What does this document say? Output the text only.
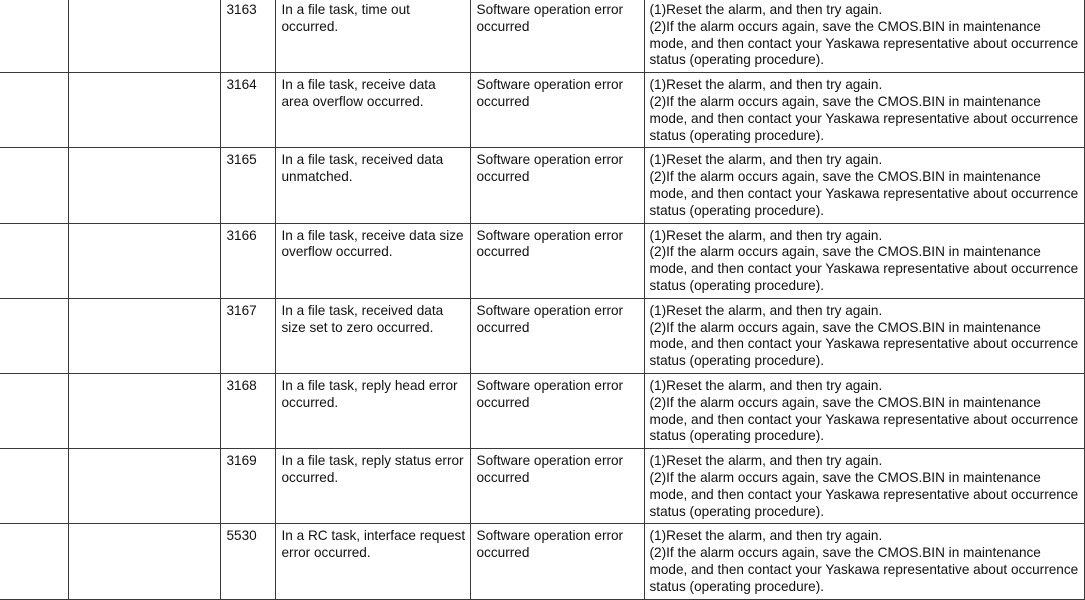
		3163	In a file task, time out occurred.	Software operation error occurred	(1)Reset the alarm, and then try again.
(2)If the alarm occurs again, save the CMOS.BIN in maintenance mode, and then contact your Yaskawa representative about occurrence status (operating procedure).

		3164	In a file task, receive data area overflow occurred.	Software operation error occurred	(1)Reset the alarm, and then try again.
(2)If the alarm occurs again, save the CMOS.BIN in maintenance mode, and then contact your Yaskawa representative about occurrence status (operating procedure).

		3165	In a file task, received data unmatched.	Software operation error occurred	(1)Reset the alarm, and then try again.
(2)If the alarm occurs again, save the CMOS.BIN in maintenance mode, and then contact your Yaskawa representative about occurrence status (operating procedure).

		3166	In a file task, receive data size overflow occurred.	Software operation error occurred	(1)Reset the alarm, and then try again.
(2)If the alarm occurs again, save the CMOS.BIN in maintenance mode, and then contact your Yaskawa representative about occurrence status (operating procedure).

		3167	In a file task, received data size set to zero occurred.	Software operation error occurred	(1)Reset the alarm, and then try again.
(2)If the alarm occurs again, save the CMOS.BIN in maintenance mode, and then contact your Yaskawa representative about occurrence status (operating procedure).

		3168	In a file task, reply head error occurred.	Software operation error occurred	(1)Reset the alarm, and then try again.
(2)If the alarm occurs again, save the CMOS.BIN in maintenance mode, and then contact your Yaskawa representative about occurrence status (operating procedure).

		3169	In a file task, reply status error occurred.	Software operation error occurred	(1)Reset the alarm, and then try again.
(2)If the alarm occurs again, save the CMOS.BIN in maintenance mode, and then contact your Yaskawa representative about occurrence status (operating procedure).

		5530	In a RC task, interface request error occurred.	Software operation error occurred	(1)Reset the alarm, and then try again.
(2)If the alarm occurs again, save the CMOS.BIN in maintenance mode, and then contact your Yaskawa representative about occurrence status (operating procedure).
